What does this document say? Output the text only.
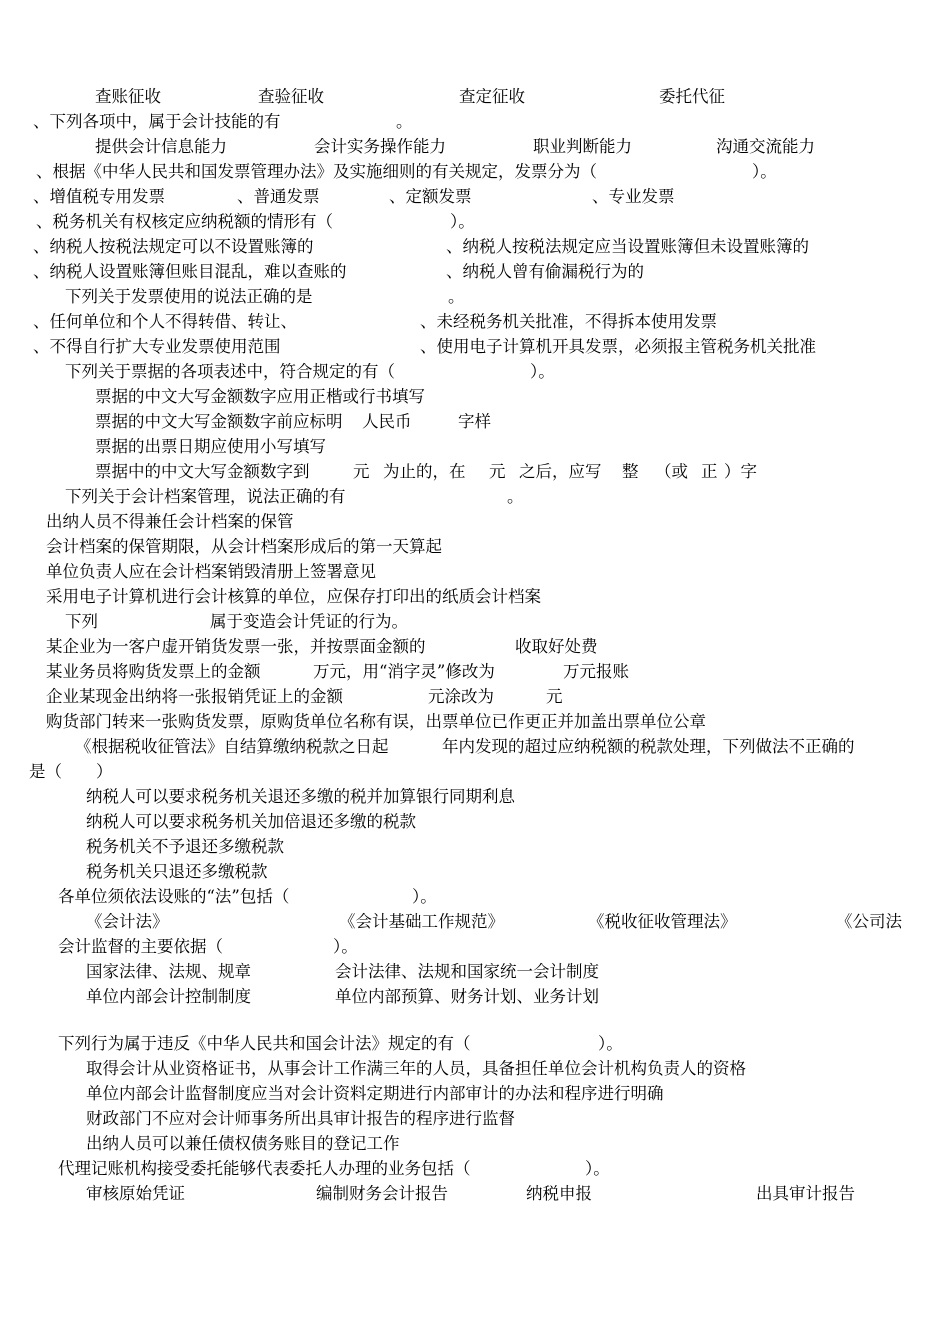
查账征收	查验征收	查定征收	委托代征
、下列各项中，属于会计技能的有	。
提供会计信息能力	会计实务操作能力	职业判断能力	沟通交流能力
、根据《中华人民共和国发票管理办法》及实施细则的有关规定，发票分为（	）。
、增值税专用发票	、普通发票	、定额发票	、专业发票
、税务机关有权核定应纳税额的情形有（	）。
、纳税人按税法规定可以不设置账簿的	、纳税人按税法规定应当设置账簿但未设置账簿的
、纳税人设置账簿但账目混乱，难以查账的	、纳税人曾有偷漏税行为的
下列关于发票使用的说法正确的是	。
、任何单位和个人不得转借、转让、	、未经税务机关批准，不得拆本使用发票
、不得自行扩大专业发票使用范围	、使用电子计算机开具发票，必须报主管税务机关批准
下列关于票据的各项表述中，符合规定的有（	）。
票据的中文大写金额数字应用正楷或行书填写
票据的中文大写金额数字前应标明 人民币	字样
票据的出票日期应使用小写填写
票据中的中文大写金额数字到	元 为止的，在 元 之后，应写 整 （或 正 ）字
下列关于会计档案管理，说法正确的有	。
出纳人员不得兼任会计档案的保管
会计档案的保管期限，从会计档案形成后的第一天算起
单位负责人应在会计档案销毁清册上签署意见
采用电子计算机进行会计核算的单位，应保存打印出的纸质会计档案
下列	属于变造会计凭证的行为。
某企业为一客户虚开销货发票一张，并按票面金额的	收取好处费
某业务员将购货发票上的金额	万元，用“消字灵”修改为	万元报账
企业某现金出纳将一张报销凭证上的金额	元涂改为	元
购货部门转来一张购货发票，原购货单位名称有误，出票单位已作更正并加盖出票单位公章
《根据税收征管法》自结算缴纳税款之日起	年内发现的超过应纳税额的税款处理，下列做法不正确的
是（ ）
纳税人可以要求税务机关退还多缴的税并加算银行同期利息
纳税人可以要求税务机关加倍退还多缴的税款
税务机关不予退还多缴税款
税务机关只退还多缴税款
各单位须依法设账的“法”包括（	）。
《会计法》	《会计基础工作规范》	《税收征收管理法》	《公司法
会计监督的主要依据（	）。
国家法律、法规、规章	会计法律、法规和国家统一会计制度
单位内部会计控制制度	单位内部预算、财务计划、业务计划
下列行为属于违反《中华人民共和国会计法》规定的有（	）。
取得会计从业资格证书，从事会计工作满三年的人员，具备担任单位会计机构负责人的资格
单位内部会计监督制度应当对会计资料定期进行内部审计的办法和程序进行明确
财政部门不应对会计师事务所出具审计报告的程序进行监督
出纳人员可以兼任债权债务账目的登记工作
代理记账机构接受委托能够代表委托人办理的业务包括（	）。
审核原始凭证	编制财务会计报告	纳税申报	出具审计报告
